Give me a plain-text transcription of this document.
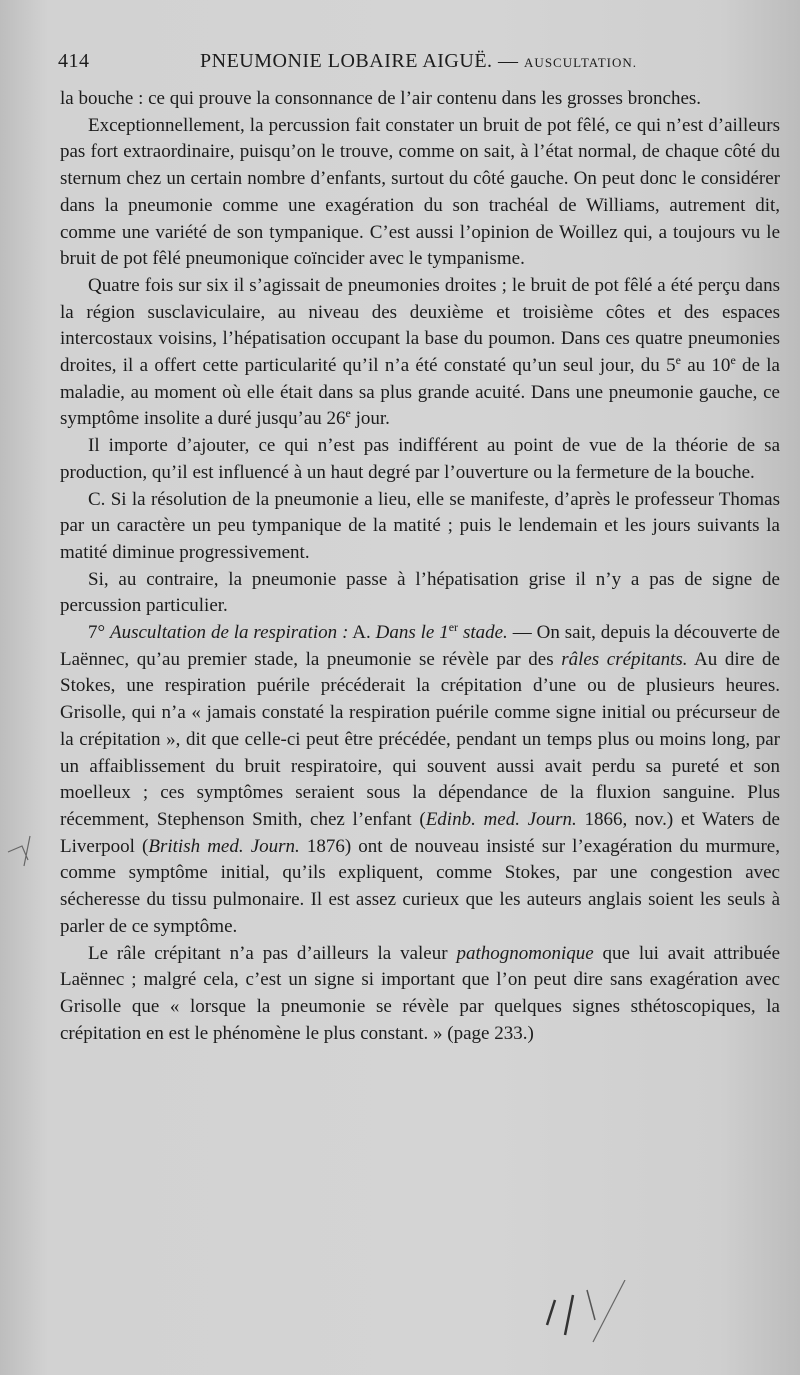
414	PNEUMONIE LOBAIRE AIGUË. — AUSCULTATION.

la bouche : ce qui prouve la consonnance de l’air contenu dans les grosses bronches.

Exceptionnellement, la percussion fait constater un bruit de pot fêlé, ce qui n’est d’ailleurs pas fort extraordinaire, puisqu’on le trouve, comme on sait, à l’état normal, de chaque côté du sternum chez un certain nombre d’enfants, surtout du côté gauche. On peut donc le considérer dans la pneumonie comme une exagération du son trachéal de Williams, autrement dit, comme une variété de son tympanique. C’est aussi l’opinion de Woillez qui, a toujours vu le bruit de pot fêlé pneumonique coïncider avec le tympanisme.

Quatre fois sur six il s’agissait de pneumonies droites ; le bruit de pot fêlé a été perçu dans la région susclaviculaire, au niveau des deuxième et troisième côtes et des espaces intercostaux voisins, l’hépatisation occupant la base du poumon. Dans ces quatre pneumonies droites, il a offert cette particularité qu’il n’a été constaté qu’un seul jour, du 5e au 10e de la maladie, au moment où elle était dans sa plus grande acuité. Dans une pneumonie gauche, ce symptôme insolite a duré jusqu’au 26e jour.

Il importe d’ajouter, ce qui n’est pas indifférent au point de vue de la théorie de sa production, qu’il est influencé à un haut degré par l’ouverture ou la fermeture de la bouche.

C. Si la résolution de la pneumonie a lieu, elle se manifeste, d’après le professeur Thomas par un caractère un peu tympanique de la matité ; puis le lendemain et les jours suivants la matité diminue progressivement.

Si, au contraire, la pneumonie passe à l’hépatisation grise il n’y a pas de signe de percussion particulier.

7° Auscultation de la respiration : A. Dans le 1er stade. — On sait, depuis la découverte de Laënnec, qu’au premier stade, la pneumonie se révèle par des râles crépitants. Au dire de Stokes, une respiration puérile précéderait la crépitation d’une ou de plusieurs heures. Grisolle, qui n’a « jamais constaté la respiration puérile comme signe initial ou précurseur de la crépitation », dit que celle-ci peut être précédée, pendant un temps plus ou moins long, par un affaiblissement du bruit respiratoire, qui souvent aussi avait perdu sa pureté et son moelleux ; ces symptômes seraient sous la dépendance de la fluxion sanguine. Plus récemment, Stephenson Smith, chez l’enfant (Edinb. med. Journ. 1866, nov.) et Waters de Liverpool (British med. Journ. 1876) ont de nouveau insisté sur l’exagération du murmure, comme symptôme initial, qu’ils expliquent, comme Stokes, par une congestion avec sécheresse du tissu pulmonaire. Il est assez curieux que les auteurs anglais soient les seuls à parler de ce symptôme.

Le râle crépitant n’a pas d’ailleurs la valeur pathognomonique que lui avait attribuée Laënnec ; malgré cela, c’est un signe si important que l’on peut dire sans exagération avec Grisolle que « lorsque la pneumonie se révèle par quelques signes sthétoscopiques, la crépitation en est le phénomène le plus constant. » (page 233.)
